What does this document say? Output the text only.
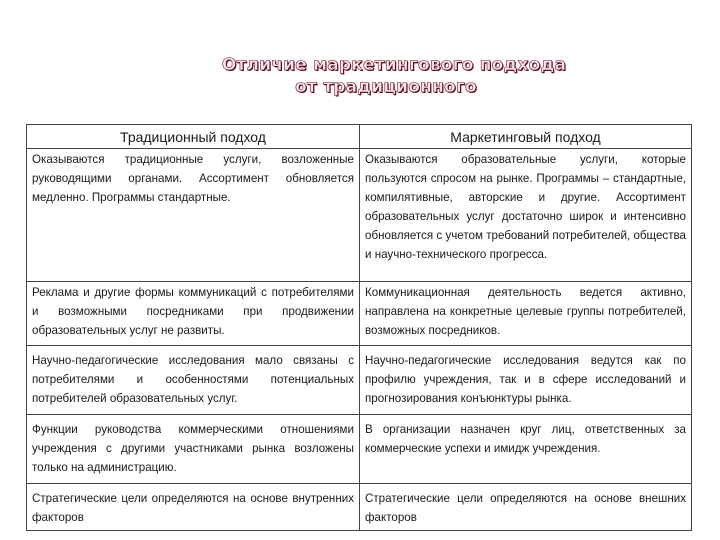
Отличие маркетингового подхода
от традиционного
Традиционный подход	Маркетинговый подход
Оказываются традиционные услуги, возложенные руководящими органами. Ассортимент обновляется медленно. Программы стандартные.	Оказываются образовательные услуги, которые пользуются спросом на рынке. Программы – стандартные, компилятивные, авторские и другие. Ассортимент образовательных услуг достаточно широк и интенсивно обновляется с учетом требований потребителей, общества и научно-технического прогресса.
Реклама и другие формы коммуникаций с потребителями и возможными посредниками при продвижении образовательных услуг не развиты.	Коммуникационная деятельность ведется активно, направлена на конкретные целевые группы потребителей, возможных посредников.
Научно-педагогические исследования мало связаны с потребителями и особенностями потенциальных потребителей образовательных услуг.	Научно-педагогические исследования ведутся как по профилю учреждения, так и в сфере исследований и прогнозирования конъюнктуры рынка.
Функции руководства коммерческими отношениями учреждения с другими участниками рынка возложены только на администрацию.	В организации назначен круг лиц, ответственных за коммерческие успехи и имидж учреждения.
Стратегические цели определяются на основе внутренних факторов	Стратегические цели определяются на основе внешних факторов
